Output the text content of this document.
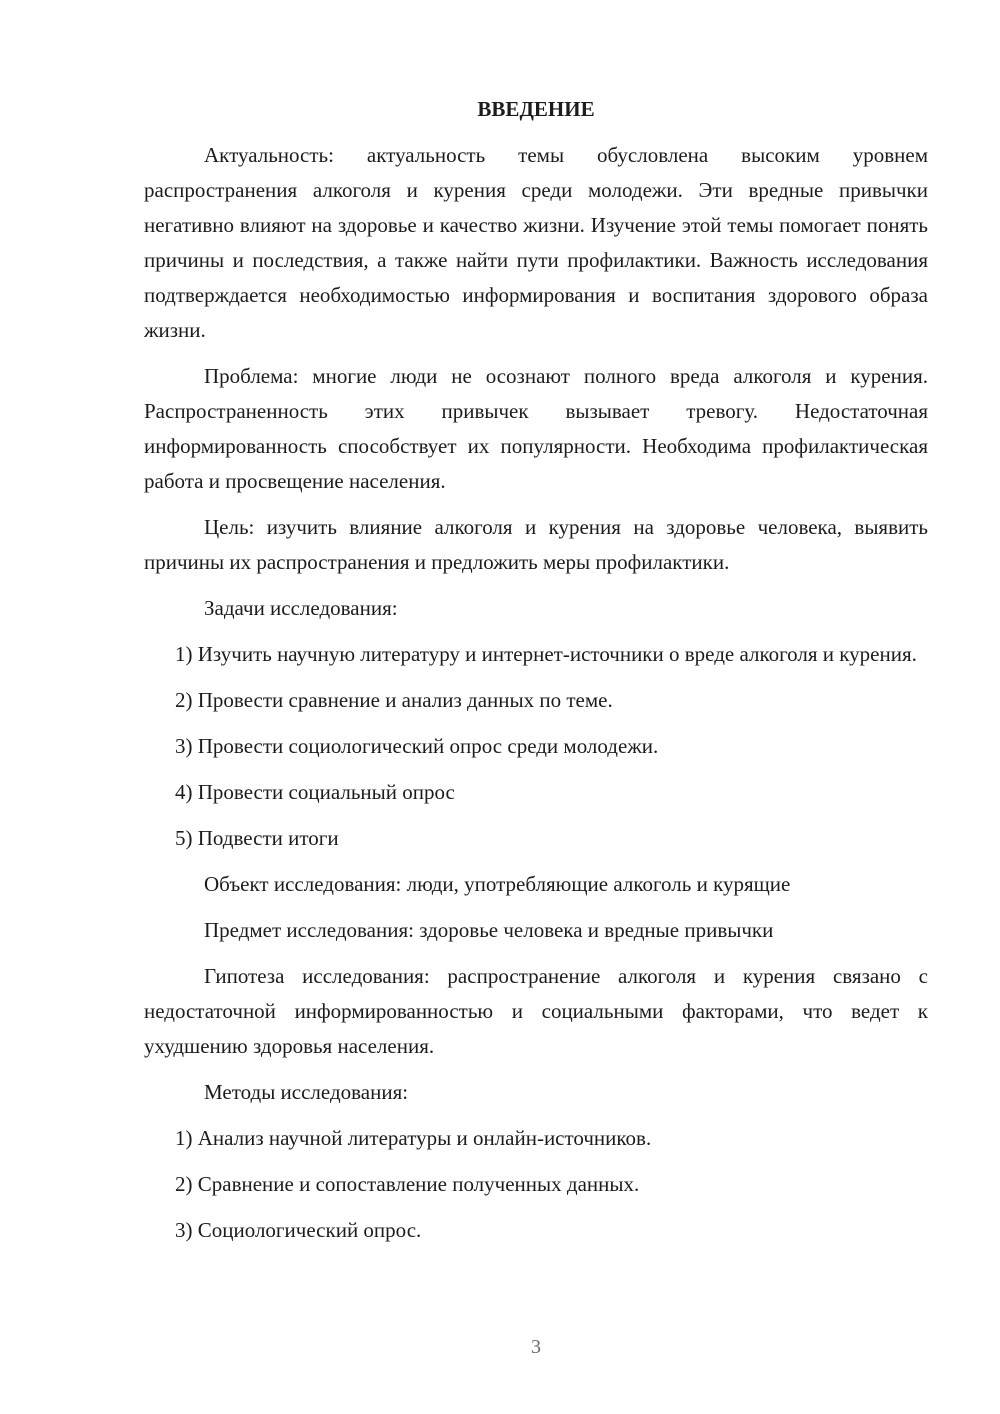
ВВЕДЕНИЕ

Актуальность: актуальность темы обусловлена высоким уровнем распространения алкоголя и курения среди молодежи. Эти вредные привычки негативно влияют на здоровье и качество жизни. Изучение этой темы помогает понять причины и последствия, а также найти пути профилактики. Важность исследования подтверждается необходимостью информирования и воспитания здорового образа жизни.

Проблема: многие люди не осознают полного вреда алкоголя и курения. Распространенность этих привычек вызывает тревогу. Недостаточная информированность способствует их популярности. Необходима профилактическая работа и просвещение населения.

Цель: изучить влияние алкоголя и курения на здоровье человека, выявить причины их распространения и предложить меры профилактики.

Задачи исследования:

1) Изучить научную литературу и интернет-источники о вреде алкоголя и курения.

2) Провести сравнение и анализ данных по теме.
3) Провести социологический опрос среди молодежи.
4) Провести социальный опрос
5) Подвести итоги
Объект исследования: люди, употребляющие алкоголь и курящие
Предмет исследования: здоровье человека и вредные привычки

Гипотеза исследования: распространение алкоголя и курения связано с недостаточной информированностью и социальными факторами, что ведет к ухудшению здоровья населения.

Методы исследования:
1) Анализ научной литературы и онлайн-источников.
2) Сравнение и сопоставление полученных данных.
3) Социологический опрос.
3
